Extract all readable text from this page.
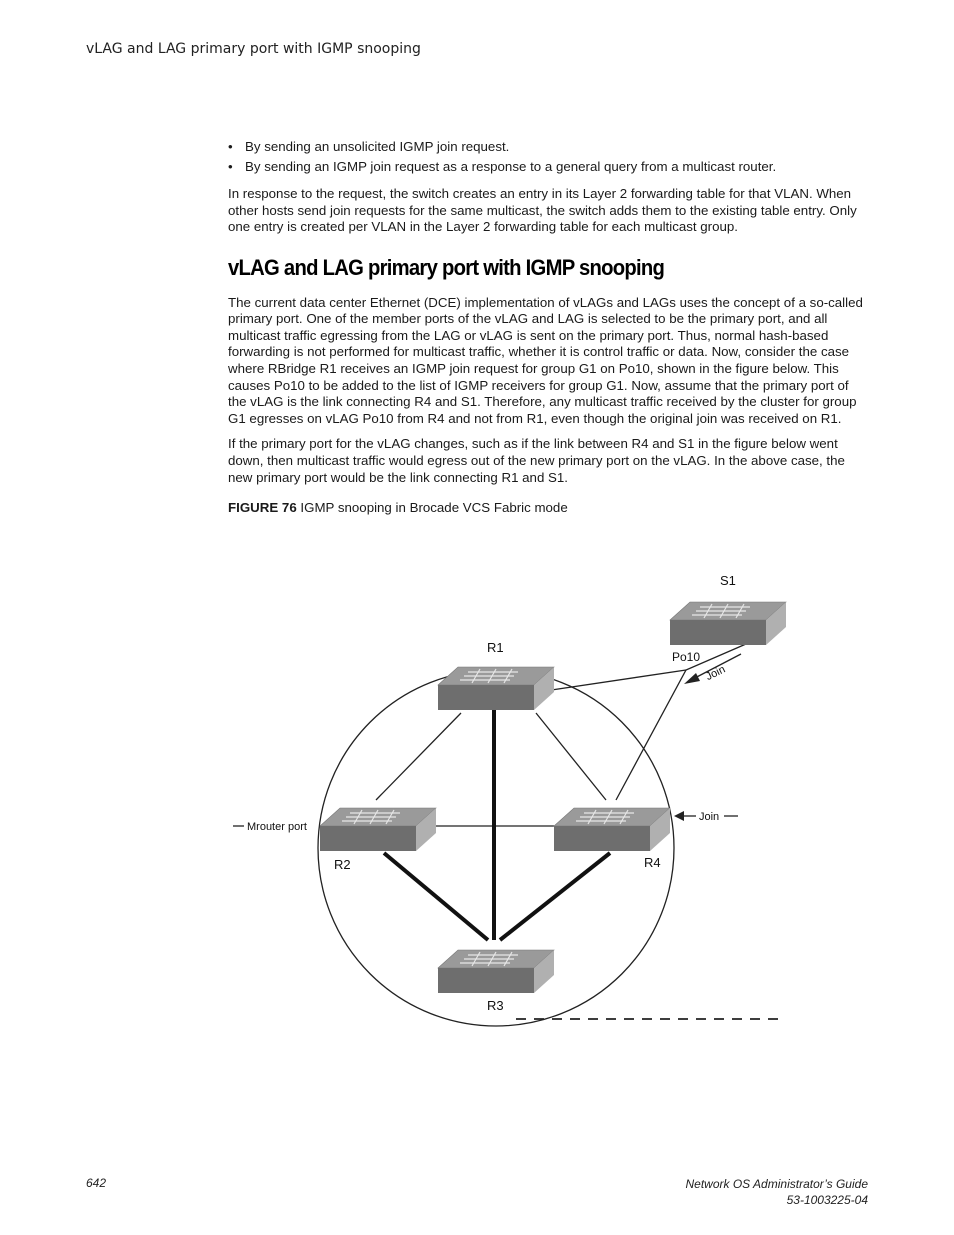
vLAG and LAG primary port with IGMP snooping
• By sending an unsolicited IGMP join request.
• By sending an IGMP join request as a response to a general query from a multicast router.

In response to the request, the switch creates an entry in its Layer 2 forwarding table for that VLAN. When other hosts send join requests for the same multicast, the switch adds them to the existing table entry. Only one entry is created per VLAN in the Layer 2 forwarding table for each multicast group.

vLAG and LAG primary port with IGMP snooping

The current data center Ethernet (DCE) implementation of vLAGs and LAGs uses the concept of a so-called primary port. One of the member ports of the vLAG and LAG is selected to be the primary port, and all multicast traffic egressing from the LAG or vLAG is sent on the primary port. Thus, normal hash-based forwarding is not performed for multicast traffic, whether it is control traffic or data. Now, consider the case where RBridge R1 receives an IGMP join request for group G1 on Po10, shown in the figure below. This causes Po10 to be added to the list of IGMP receivers for group G1. Now, assume that the primary port of the vLAG is the link connecting R4 and S1. Therefore, any multicast traffic received by the cluster for group G1 egresses on vLAG Po10 from R4 and not from R1, even though the original join was received on R1.

If the primary port for the vLAG changes, such as if the link between R4 and S1 in the figure below went down, then multicast traffic would egress out of the new primary port on the vLAG. In the above case, the new primary port would be the link connecting R1 and S1.

FIGURE 76 IGMP snooping in Brocade VCS Fabric mode
S1
R1
Po10
Join
Mrouter port
Join
R2	R4
R3
642	Network OS Administrator’s Guide
53-1003225-04
